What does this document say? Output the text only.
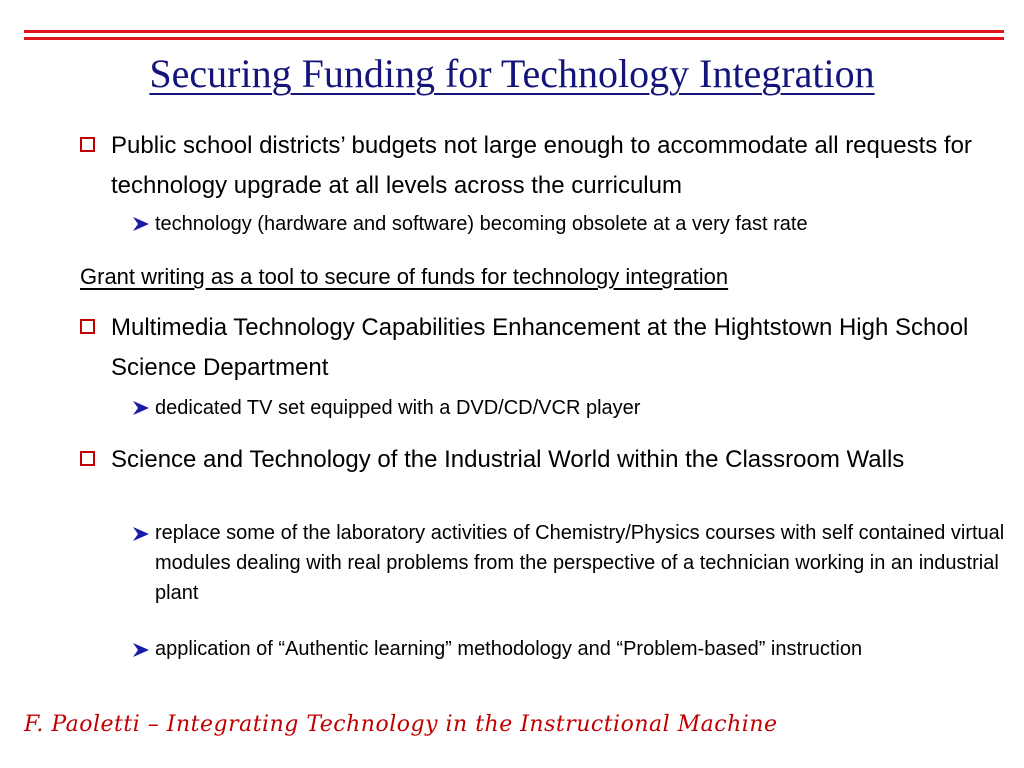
Securing Funding for Technology Integration
Public school districts’ budgets not large enough to accommodate all requests for technology upgrade at all levels across the curriculum
technology (hardware and software) becoming obsolete at a very fast rate
Grant writing as a tool to secure of funds for technology integration
Multimedia Technology Capabilities Enhancement at the Hightstown High School Science Department
dedicated TV set equipped with a DVD/CD/VCR player
Science and Technology of the Industrial World within the Classroom Walls
replace some of the laboratory activities of Chemistry/Physics courses with self contained virtual modules dealing with real problems from the perspective of a technician working in an industrial plant
application of “Authentic learning” methodology and “Problem-based” instruction
F. Paoletti – Integrating Technology in the Instructional Machine
